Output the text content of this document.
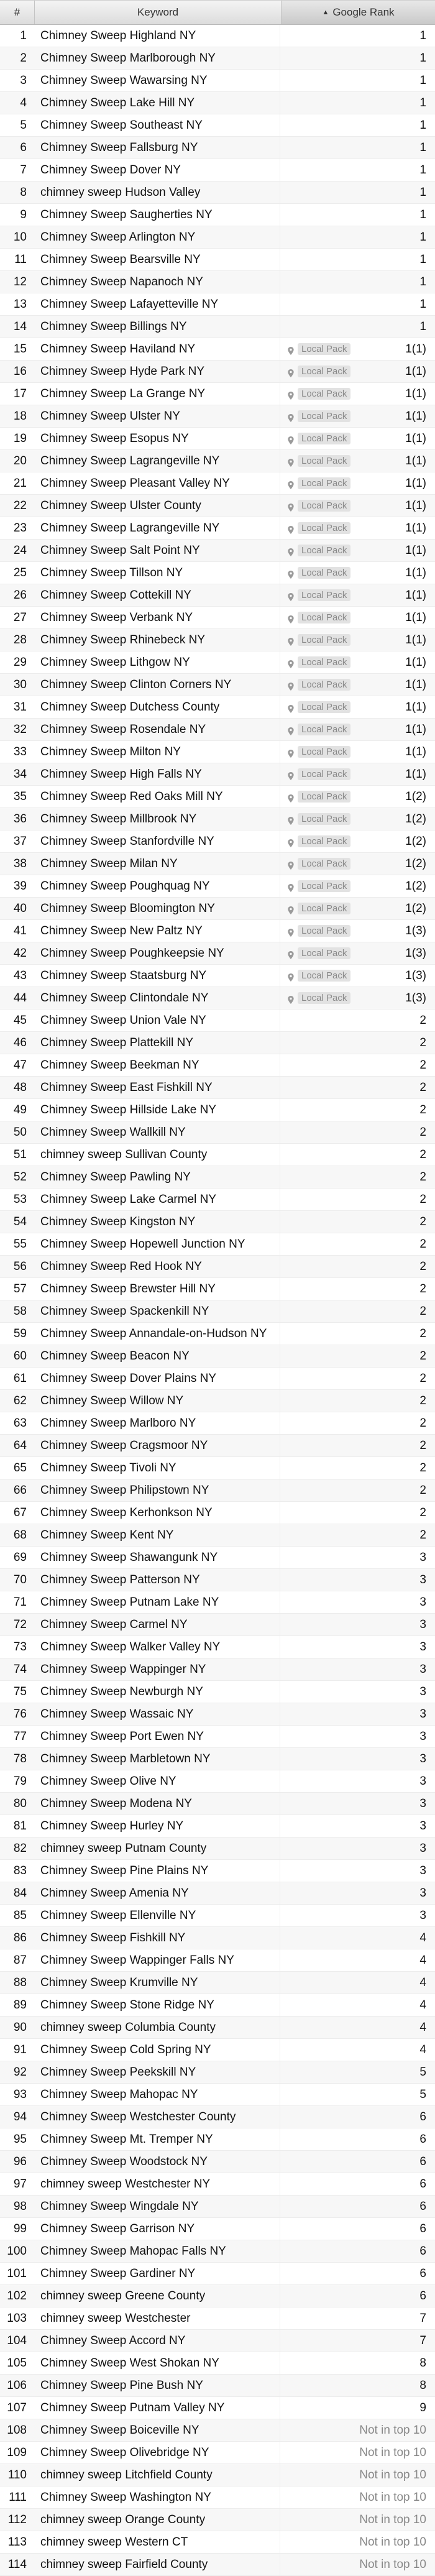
#	Keyword	▲ Google Rank
1	Chimney Sweep Highland NY	1
2	Chimney Sweep Marlborough NY	1
3	Chimney Sweep Wawarsing NY	1
4	Chimney Sweep Lake Hill NY	1
5	Chimney Sweep Southeast NY	1
6	Chimney Sweep Fallsburg NY	1
7	Chimney Sweep Dover NY	1
8	chimney sweep Hudson Valley	1
9	Chimney Sweep Saugherties NY	1
10	Chimney Sweep Arlington NY	1
11	Chimney Sweep Bearsville NY	1
12	Chimney Sweep Napanoch NY	1
13	Chimney Sweep Lafayetteville NY	1
14	Chimney Sweep Billings NY	1
15	Chimney Sweep Haviland NY	Local Pack	1(1)
16	Chimney Sweep Hyde Park NY	Local Pack	1(1)
17	Chimney Sweep La Grange NY	Local Pack	1(1)
18	Chimney Sweep Ulster NY	Local Pack	1(1)
19	Chimney Sweep Esopus NY	Local Pack	1(1)
20	Chimney Sweep Lagrangeville NY	Local Pack	1(1)
21	Chimney Sweep Pleasant Valley NY	Local Pack	1(1)
22	Chimney Sweep Ulster County	Local Pack	1(1)
23	Chimney Sweep Lagrangeville NY	Local Pack	1(1)
24	Chimney Sweep Salt Point NY	Local Pack	1(1)
25	Chimney Sweep Tillson NY	Local Pack	1(1)
26	Chimney Sweep Cottekill NY	Local Pack	1(1)
27	Chimney Sweep Verbank NY	Local Pack	1(1)
28	Chimney Sweep Rhinebeck NY	Local Pack	1(1)
29	Chimney Sweep Lithgow NY	Local Pack	1(1)
30	Chimney Sweep Clinton Corners NY	Local Pack	1(1)
31	Chimney Sweep Dutchess County	Local Pack	1(1)
32	Chimney Sweep Rosendale NY	Local Pack	1(1)
33	Chimney Sweep Milton NY	Local Pack	1(1)
34	Chimney Sweep High Falls NY	Local Pack	1(1)
35	Chimney Sweep Red Oaks Mill NY	Local Pack	1(2)
36	Chimney Sweep Millbrook NY	Local Pack	1(2)
37	Chimney Sweep Stanfordville NY	Local Pack	1(2)
38	Chimney Sweep Milan NY	Local Pack	1(2)
39	Chimney Sweep Poughquag NY	Local Pack	1(2)
40	Chimney Sweep Bloomington NY	Local Pack	1(2)
41	Chimney Sweep New Paltz NY	Local Pack	1(3)
42	Chimney Sweep Poughkeepsie NY	Local Pack	1(3)
43	Chimney Sweep Staatsburg NY	Local Pack	1(3)
44	Chimney Sweep Clintondale NY	Local Pack	1(3)
45	Chimney Sweep Union Vale NY	2
46	Chimney Sweep Plattekill NY	2
47	Chimney Sweep Beekman NY	2
48	Chimney Sweep East Fishkill NY	2
49	Chimney Sweep Hillside Lake NY	2
50	Chimney Sweep Wallkill NY	2
51	chimney sweep Sullivan County	2
52	Chimney Sweep Pawling NY	2
53	Chimney Sweep Lake Carmel NY	2
54	Chimney Sweep Kingston NY	2
55	Chimney Sweep Hopewell Junction NY	2
56	Chimney Sweep Red Hook NY	2
57	Chimney Sweep Brewster Hill NY	2
58	Chimney Sweep Spackenkill NY	2
59	Chimney Sweep Annandale-on-Hudson NY	2
60	Chimney Sweep Beacon NY	2
61	Chimney Sweep Dover Plains NY	2
62	Chimney Sweep Willow NY	2
63	Chimney Sweep Marlboro NY	2
64	Chimney Sweep Cragsmoor NY	2
65	Chimney Sweep Tivoli NY	2
66	Chimney Sweep Philipstown NY	2
67	Chimney Sweep Kerhonkson NY	2
68	Chimney Sweep Kent NY	2
69	Chimney Sweep Shawangunk NY	3
70	Chimney Sweep Patterson NY	3
71	Chimney Sweep Putnam Lake NY	3
72	Chimney Sweep Carmel NY	3
73	Chimney Sweep Walker Valley NY	3
74	Chimney Sweep Wappinger NY	3
75	Chimney Sweep Newburgh NY	3
76	Chimney Sweep Wassaic NY	3
77	Chimney Sweep Port Ewen NY	3
78	Chimney Sweep Marbletown NY	3
79	Chimney Sweep Olive NY	3
80	Chimney Sweep Modena NY	3
81	Chimney Sweep Hurley NY	3
82	chimney sweep Putnam County	3
83	Chimney Sweep Pine Plains NY	3
84	Chimney Sweep Amenia NY	3
85	Chimney Sweep Ellenville NY	3
86	Chimney Sweep Fishkill NY	4
87	Chimney Sweep Wappinger Falls NY	4
88	Chimney Sweep Krumville NY	4
89	Chimney Sweep Stone Ridge NY	4
90	chimney sweep Columbia County	4
91	Chimney Sweep Cold Spring NY	4
92	Chimney Sweep Peekskill NY	5
93	Chimney Sweep Mahopac NY	5
94	Chimney Sweep Westchester County	6
95	Chimney Sweep Mt. Tremper NY	6
96	Chimney Sweep Woodstock NY	6
97	chimney sweep Westchester NY	6
98	Chimney Sweep Wingdale NY	6
99	Chimney Sweep Garrison NY	6
100	Chimney Sweep Mahopac Falls NY	6
101	Chimney Sweep Gardiner NY	6
102	chimney sweep Greene County	6
103	chimney sweep Westchester	7
104	Chimney Sweep Accord NY	7
105	Chimney Sweep West Shokan NY	8
106	Chimney Sweep Pine Bush NY	8
107	Chimney Sweep Putnam Valley NY	9
108	Chimney Sweep Boiceville NY	Not in top 10
109	Chimney Sweep Olivebridge NY	Not in top 10
110	chimney sweep Litchfield County	Not in top 10
111	Chimney Sweep Washington NY	Not in top 10
112	chimney sweep Orange County	Not in top 10
113	chimney sweep Western CT	Not in top 10
114	chimney sweep Fairfield County	Not in top 10
